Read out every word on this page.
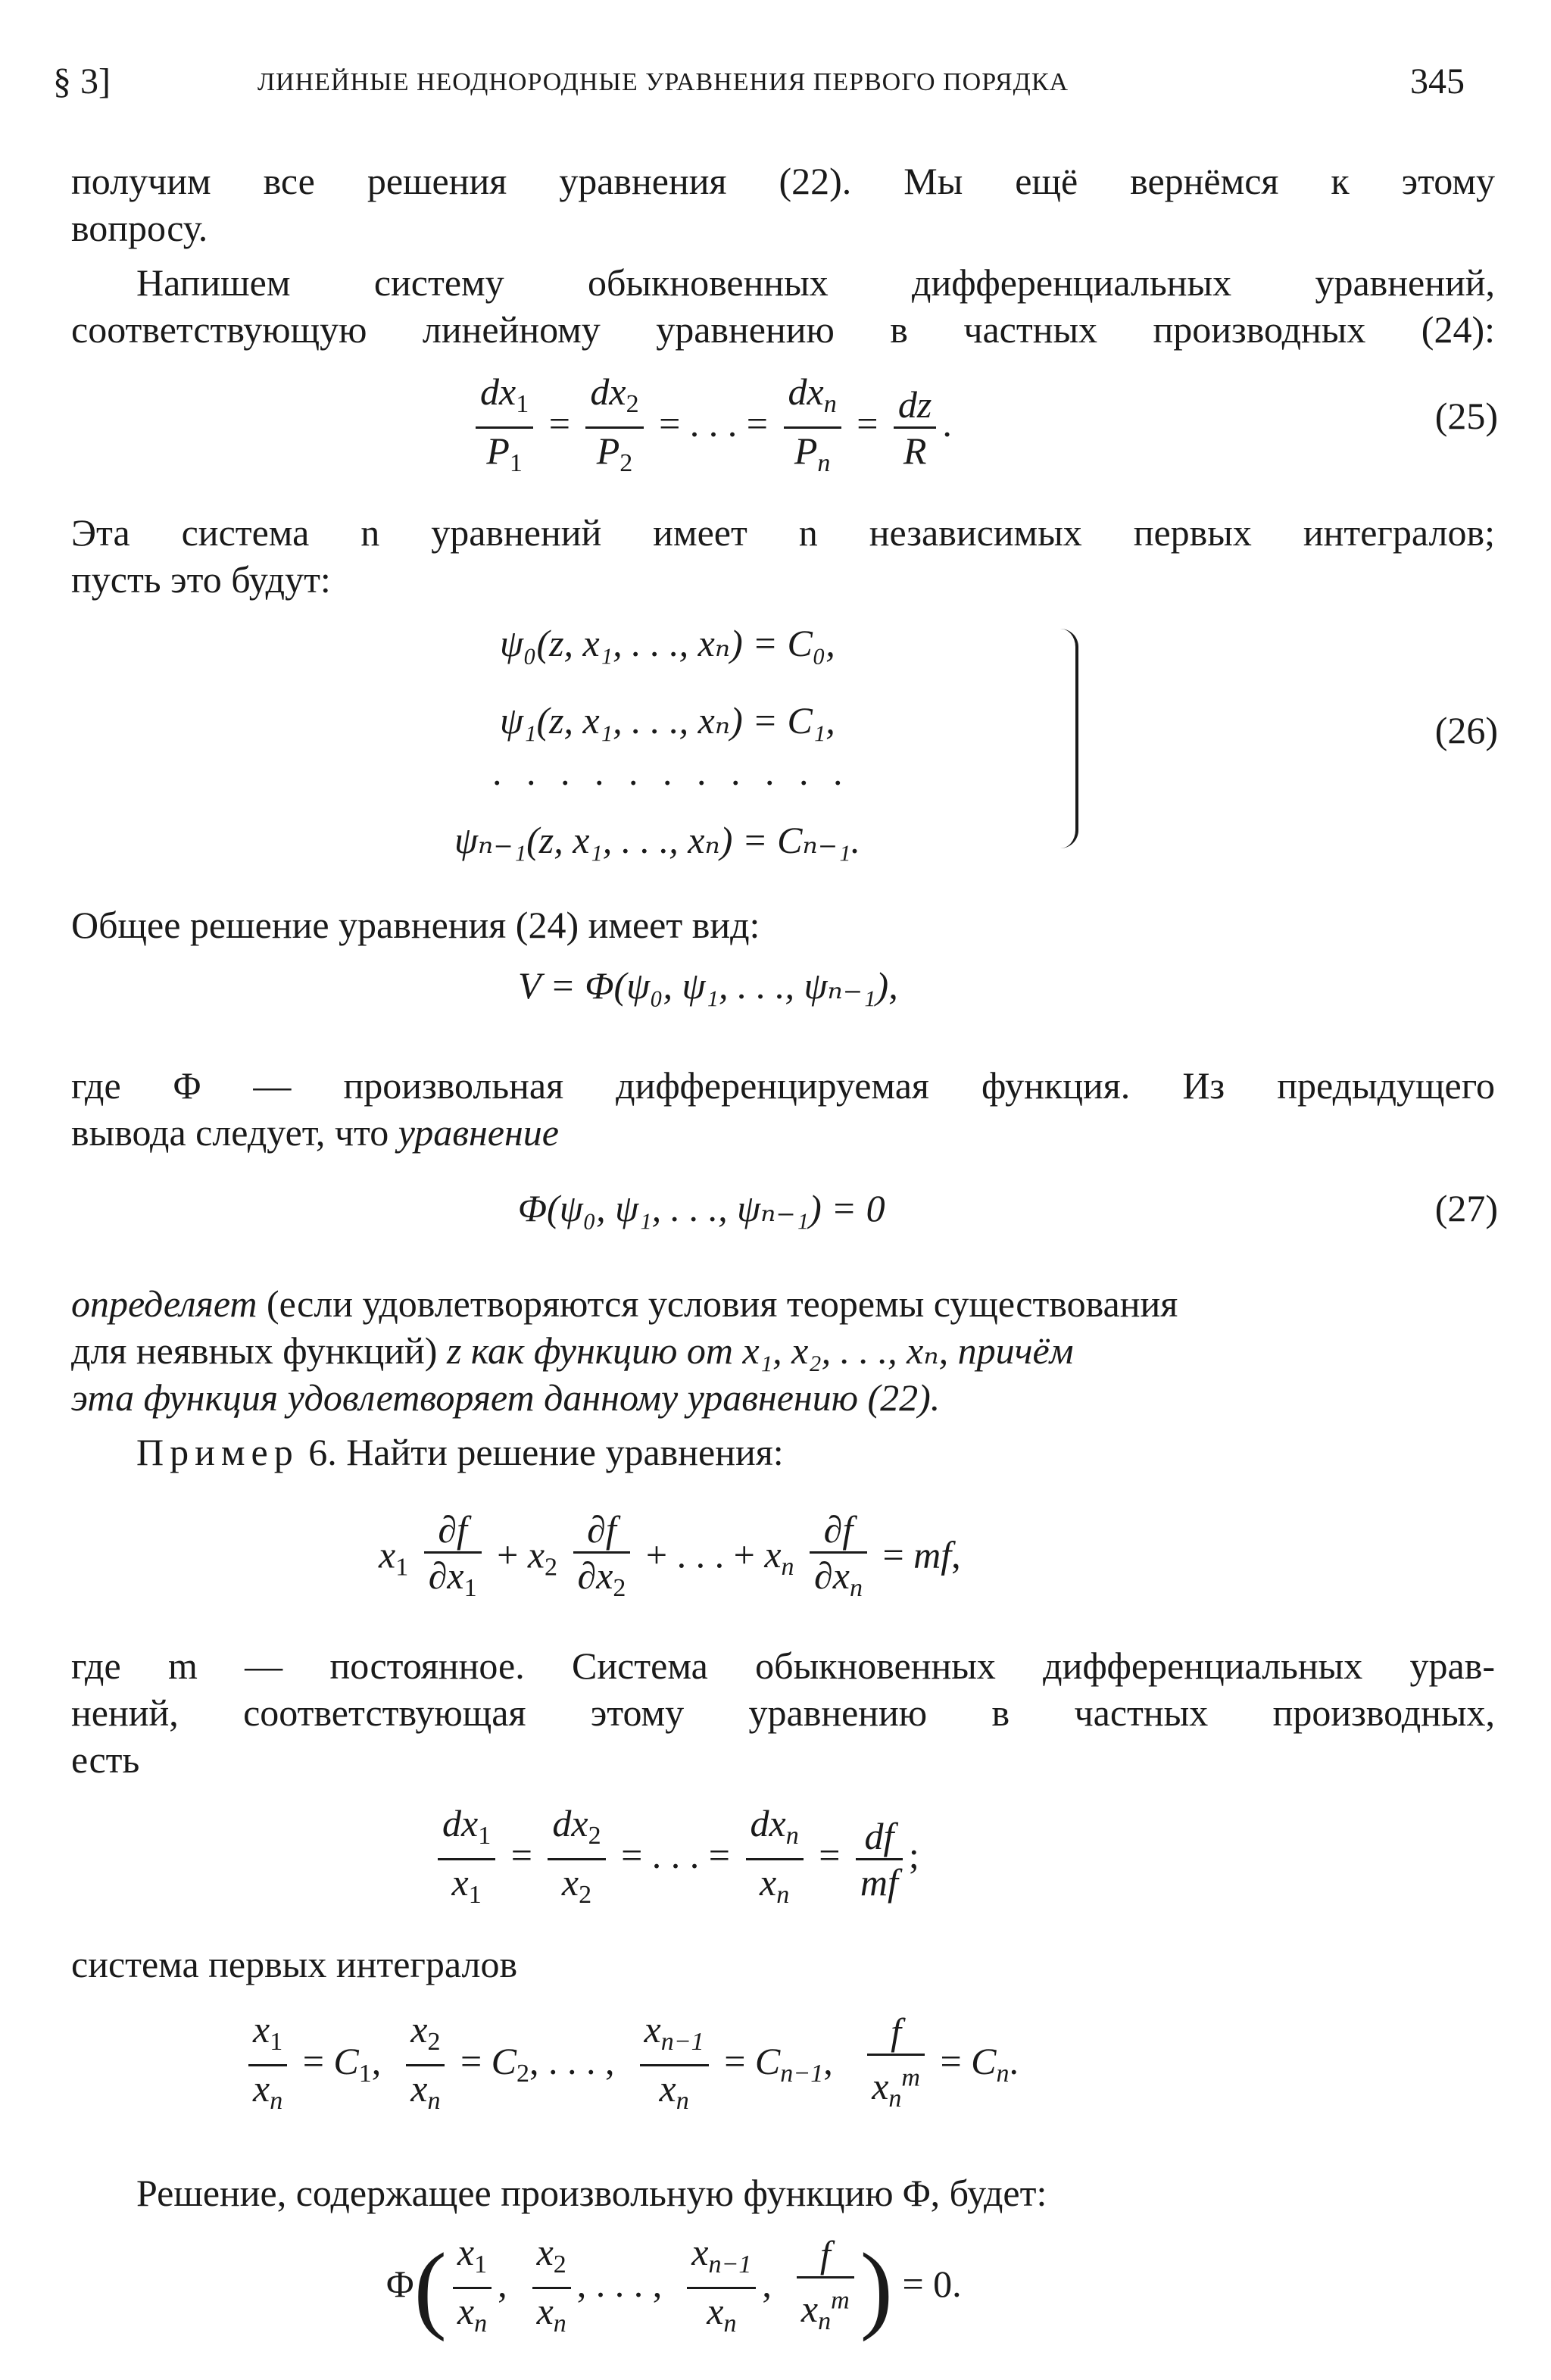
§ 3]	ЛИНЕЙНЫЕ НЕОДНОРОДНЫЕ УРАВНЕНИЯ ПЕРВОГО ПОРЯДКА	345
получим все решения уравнения (22). Мы ещё вернёмся к этому
вопросу.
Напишем систему обыкновенных дифференциальных уравнений,
соответствующую линейному уравнению в частных производных (24):
$\frac{dx_1}{P_1} = \frac{dx_2}{P_2}$ = . . . = $\frac{dx_n}{P_n} = \frac{dz}{R}$ .	(25)
Эта система n уравнений имеет n независимых первых интегралов;
пусть это будут:
ψ₀(z, x₁, . . ., xₙ) = C₀,
ψ₁(z, x₁, . . ., xₙ) = C₁,
. . . . . . . . . . .
ψₙ₋₁(z, x₁, . . ., xₙ) = Cₙ₋₁.
(26)
Общее решение уравнения (24) имеет вид:
V = Φ(ψ₀, ψ₁, . . ., ψₙ₋₁),
где Φ — произвольная дифференцируемая функция. Из предыдущего
вывода следует, что уравнение
Φ(ψ₀, ψ₁, . . ., ψₙ₋₁) = 0	(27)
определяет (если удовлетворяются условия теоремы существования
для неявных функций) z как функцию от x₁, x₂, . . ., xₙ, причём
эта функция удовлетворяет данному уравнению (22).
Пример 6. Найти решение уравнения:
$x_1 \frac{\partial f}{\partial x_1} + x_2 \frac{\partial f}{\partial x_2}$ + . . . + $x_n \frac{\partial f}{\partial x_n}$ = mf,
где m — постоянное. Система обыкновенных дифференциальных урав-
нений, соответствующая этому уравнению в частных производных,
есть
$\frac{dx_1}{x_1} = \frac{dx_2}{x_2}$ = . . . = $\frac{dx_n}{x_n} = \frac{df}{mf}$ ;
система первых интегралов
$\frac{x_1}{x_n} = C_1$, $\frac{x_2}{x_n} = C_2$, . . . , $\frac{x_{n-1}}{x_n} = C_{n-1}$, $\frac{f}{x_n^m} = C_n$.
Решение, содержащее произвольную функцию Φ, будет:
$\Phi( \frac{x_1}{x_n}$ , $\frac{x_2}{x_n}$ , . . . , $\frac{x_{n-1}}{x_n}$ , $\frac{f}{x_n^m}$ ) = 0.
